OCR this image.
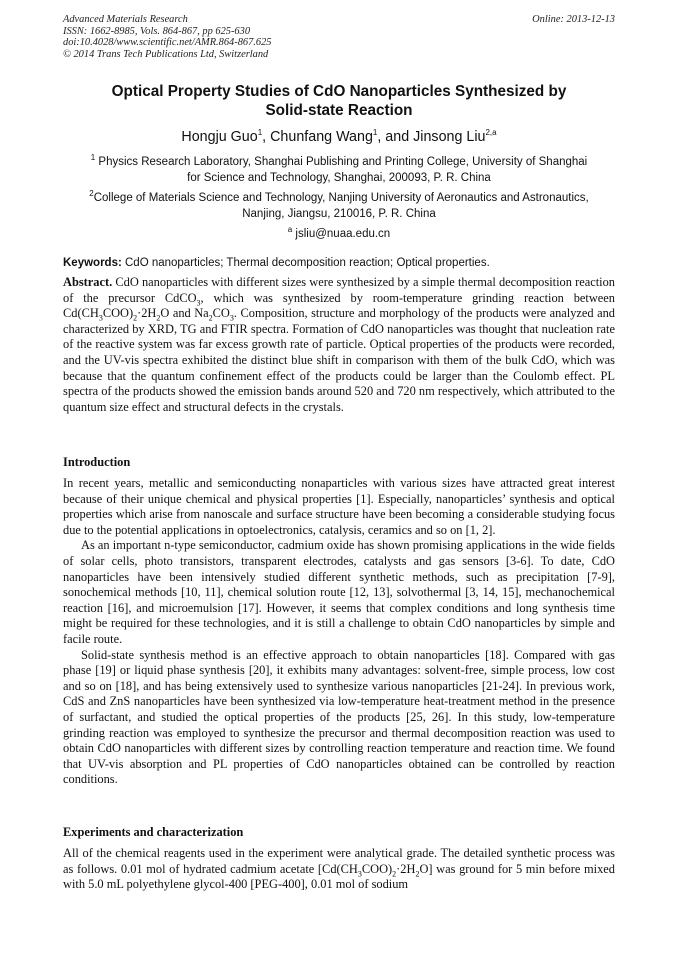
Advanced Materials Research
ISSN: 1662-8985, Vols. 864-867, pp 625-630
doi:10.4028/www.scientific.net/AMR.864-867.625
© 2014 Trans Tech Publications Ltd, Switzerland
Online: 2013-12-13
Optical Property Studies of CdO Nanoparticles Synthesized by
Solid-state Reaction
Hongju Guo$^1$, Chunfang Wang$^1$, and Jinsong Liu$^{2,a}$
$^1$ Physics Research Laboratory, Shanghai Publishing and Printing College, University of Shanghai
for Science and Technology, Shanghai, 200093, P. R. China
$^2$College of Materials Science and Technology, Nanjing University of Aeronautics and Astronautics,
Nanjing, Jiangsu, 210016, P. R. China
$^a$ jsliu@nuaa.edu.cn
Keywords: CdO nanoparticles; Thermal decomposition reaction; Optical properties.
Abstract. CdO nanoparticles with different sizes were synthesized by a simple thermal decomposition reaction of the precursor CdCO$_3$, which was synthesized by room-temperature grinding reaction between $Cd(CH_3COO)_2\cdot 2H_2O$ and $Na_2CO_3$. Composition, structure and morphology of the products were analyzed and characterized by XRD, TG and FTIR spectra. Formation of CdO nanoparticles was thought that nucleation rate of the reactive system was far excess growth rate of particle. Optical properties of the products were recorded, and the UV-vis spectra exhibited the distinct blue shift in comparison with them of the bulk CdO, which was because that the quantum confinement effect of the products could be larger than the Coulomb effect. PL spectra of the products showed the emission bands around 520 and 720 nm respectively, which attributed to the quantum size effect and structural defects in the crystals.
Introduction

In recent years, metallic and semiconducting nonaparticles with various sizes have attracted great interest because of their unique chemical and physical properties [1]. Especially, nanoparticles’ synthesis and optical properties which arise from nanoscale and surface structure have been becoming a considerable studying focus due to the potential applications in optoelectronics, catalysis, ceramics and so on [1, 2].

As an important n-type semiconductor, cadmium oxide has shown promising applications in the wide fields of solar cells, photo transistors, transparent electrodes, catalysts and gas sensors [3-6]. To date, CdO nanoparticles have been intensively studied different synthetic methods, such as precipitation [7-9], sonochemical methods [10, 11], chemical solution route [12, 13], solvothermal [3, 14, 15], mechanochemical reaction [16], and microemulsion [17]. However, it seems that complex conditions and long synthesis time might be required for these technologies, and it is still a challenge to obtain CdO nanoparticles by simple and facile route.

Solid-state synthesis method is an effective approach to obtain nanoparticles [18]. Compared with gas phase [19] or liquid phase synthesis [20], it exhibits many advantages: solvent-free, simple process, low cost and so on [18], and has being extensively used to synthesize various nanoparticles [21-24]. In previous work, CdS and ZnS nanoparticles have been synthesized via low-temperature heat-treatment method in the presence of surfactant, and studied the optical properties of the products [25, 26]. In this study, low-temperature grinding reaction was employed to synthesize the precursor and thermal decomposition reaction was used to obtain CdO nanoparticles with different sizes by controlling reaction temperature and reaction time. We found that UV-vis absorption and PL properties of CdO nanoparticles obtained can be controlled by reaction conditions.

Experiments and characterization

All of the chemical reagents used in the experiment were analytical grade. The detailed synthetic process was as follows. 0.01 mol of hydrated cadmium acetate $[Cd(CH_3COO)_2\cdot 2H_2O]$ was ground for 5 min before mixed with 5.0 mL polyethylene glycol-400 [PEG-400], 0.01 mol of sodium
